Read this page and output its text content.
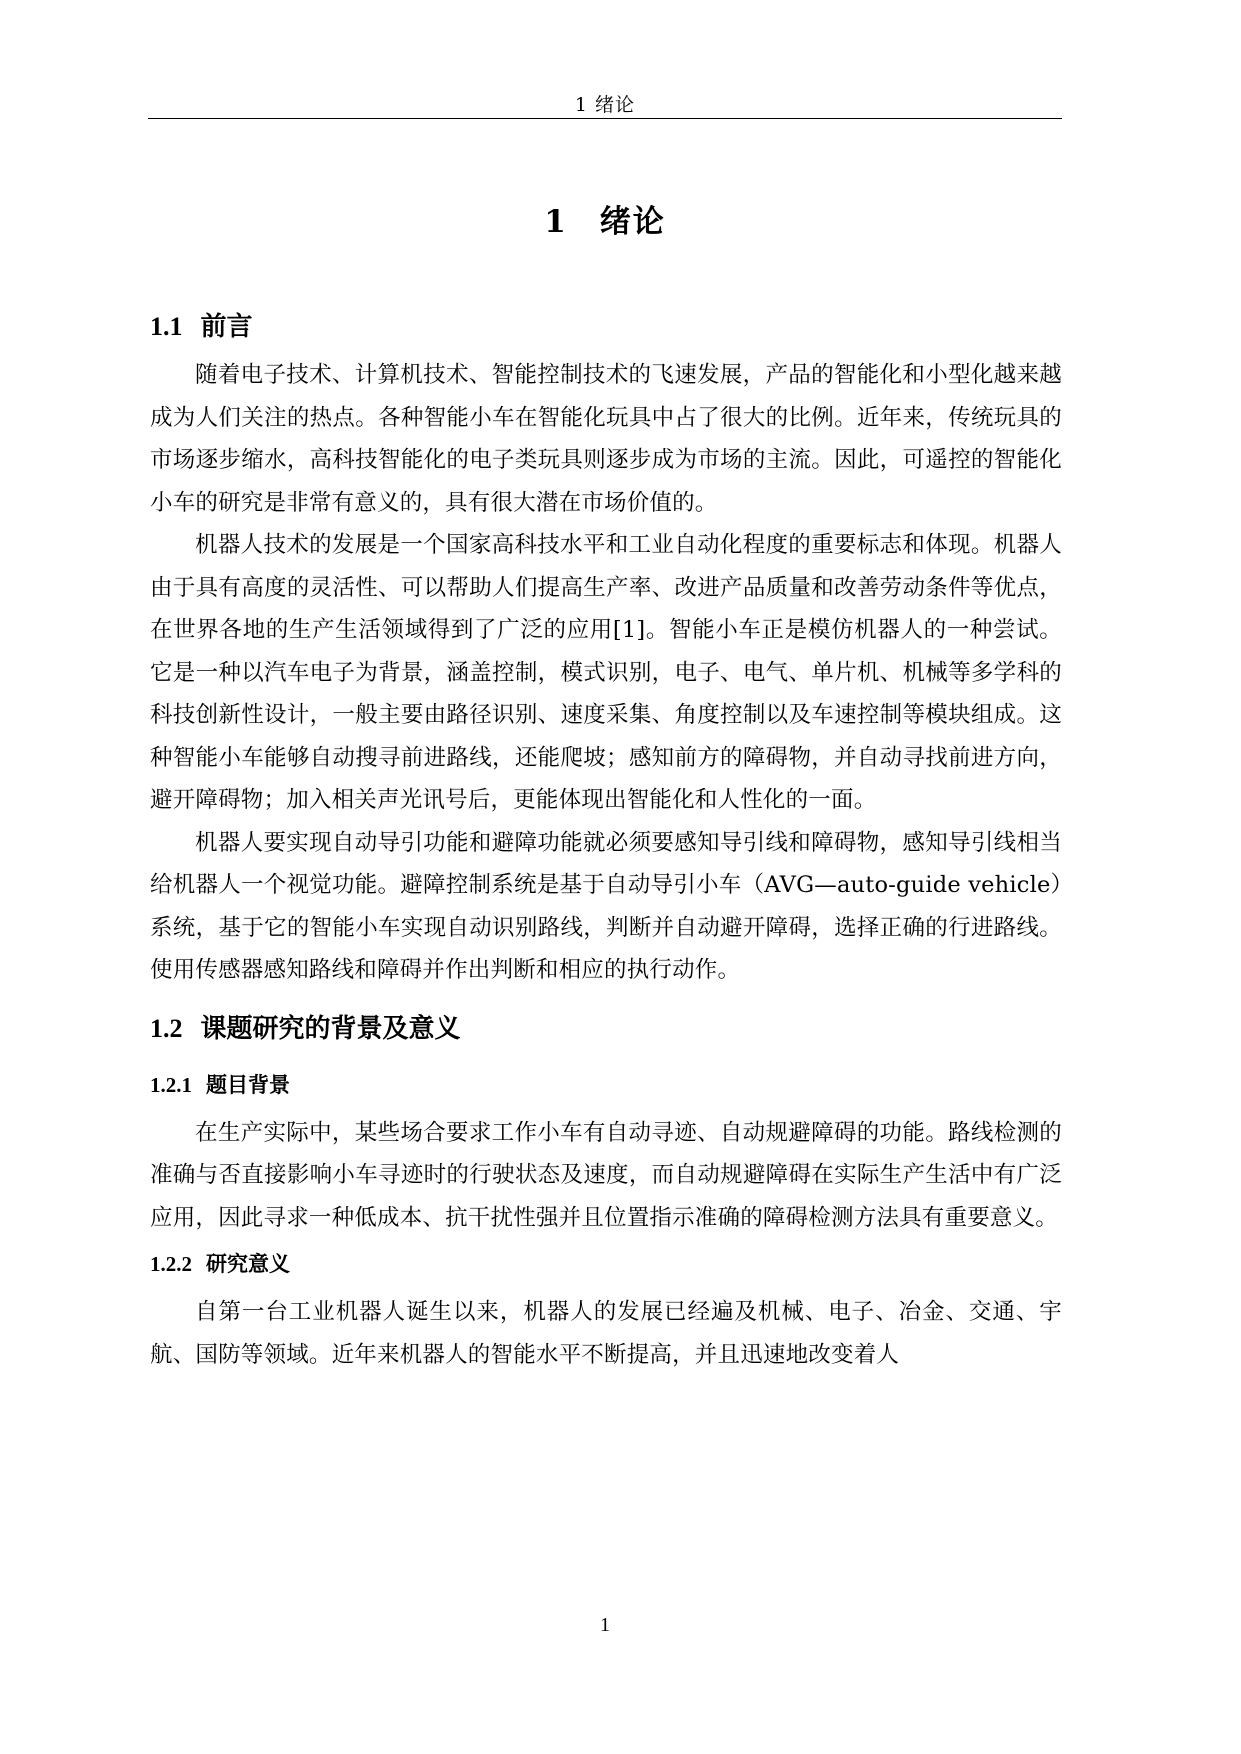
1 绪论
1 绪论
1.1 前言

随着电子技术、计算机技术、智能控制技术的飞速发展，产品的智能化和小型化越来越成为人们关注的热点。各种智能小车在智能化玩具中占了很大的比例。近年来，传统玩具的市场逐步缩水，高科技智能化的电子类玩具则逐步成为市场的主流。因此，可遥控的智能化小车的研究是非常有意义的，具有很大潜在市场价值的。

机器人技术的发展是一个国家高科技水平和工业自动化程度的重要标志和体现。机器人由于具有高度的灵活性、可以帮助人们提高生产率、改进产品质量和改善劳动条件等优点，在世界各地的生产生活领域得到了广泛的应用[1]。智能小车正是模仿机器人的一种尝试。它是一种以汽车电子为背景，涵盖控制，模式识别，电子、电气、单片机、机械等多学科的科技创新性设计，一般主要由路径识别、速度采集、角度控制以及车速控制等模块组成。这种智能小车能够自动搜寻前进路线，还能爬坡；感知前方的障碍物，并自动寻找前进方向，避开障碍物；加入相关声光讯号后，更能体现出智能化和人性化的一面。

机器人要实现自动导引功能和避障功能就必须要感知导引线和障碍物，感知导引线相当给机器人一个视觉功能。避障控制系统是基于自动导引小车（AVG—auto-guide vehicle）系统，基于它的智能小车实现自动识别路线，判断并自动避开障碍，选择正确的行进路线。使用传感器感知路线和障碍并作出判断和相应的执行动作。

1.2 课题研究的背景及意义
1.2.1 题目背景

在生产实际中，某些场合要求工作小车有自动寻迹、自动规避障碍的功能。路线检测的准确与否直接影响小车寻迹时的行驶状态及速度，而自动规避障碍在实际生产生活中有广泛应用，因此寻求一种低成本、抗干扰性强并且位置指示准确的障碍检测方法具有重要意义。

1.2.2 研究意义

自第一台工业机器人诞生以来，机器人的发展已经遍及机械、电子、冶金、交通、宇航、国防等领域。近年来机器人的智能水平不断提高，并且迅速地改变着人

1
